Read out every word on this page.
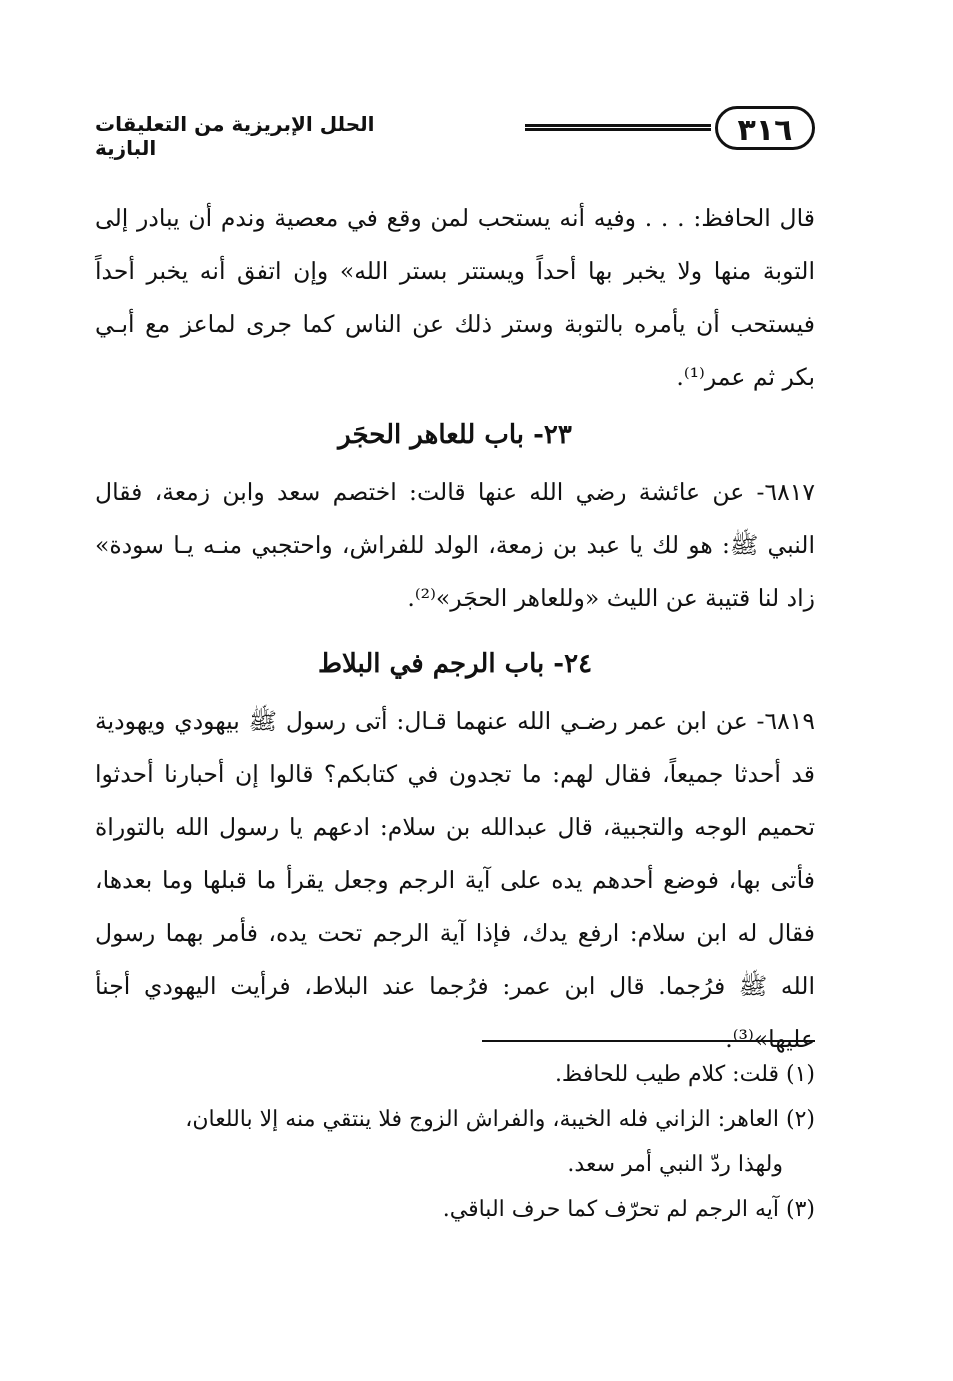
٣١٦
الحلل الإبريزية من التعليقات البازية

قال الحافظ: . . . وفيه أنه يستحب لمن وقع في معصية وندم أن يبادر إلى التوبة منها ولا يخبر بها أحداً ويستتر بستر الله» وإن اتفق أنه يخبر أحداً فيستحب أن يأمره بالتوبة وستر ذلك عن الناس كما جرى لماعز مع أبـي بكر ثم عمر⁽¹⁾.

٢٣- باب للعاهر الحجَر

٦٨١٧- عن عائشة رضي الله عنها قالت: اختصم سعد وابن زمعة، فقال النبي ﷺ: هو لك يا عبد بن زمعة، الولد للفراش، واحتجبي منـه يـا سودة» زاد لنا قتيبة عن الليث «وللعاهر الحجَر»⁽²⁾.

٢٤- باب الرجم في البلاط

٦٨١٩- عن ابن عمر رضـي الله عنهما قـال: أتى رسول ﷺ بيهودي ويهودية قد أحدثا جميعاً، فقال لهم: ما تجدون في كتابكم؟ قالوا إن أحبارنا أحدثوا تحميم الوجه والتجبية، قال عبدالله بن سلام: ادعهم يا رسول الله بالتوراة فأتى بها، فوضع أحدهم يده على آية الرجم وجعل يقرأ ما قبلها وما بعدها، فقال له ابن سلام: ارفع يدك، فإذا آية الرجم تحت يده، فأمر بهما رسول الله ﷺ فرُجما. قال ابن عمر: فرُجما عند البلاط، فرأيت اليهودي أجنأ عليها»⁽³⁾.

(١) قلت: كلام طيب للحافظ.

(٢) العاهر: الزاني فله الخيبة، والفراش الزوج فلا ينتقي منه إلا باللعان،

ولهذا ردّ النبي أمر سعد.

(٣) آيه الرجم لم تحرّف كما حرف الباقي.
